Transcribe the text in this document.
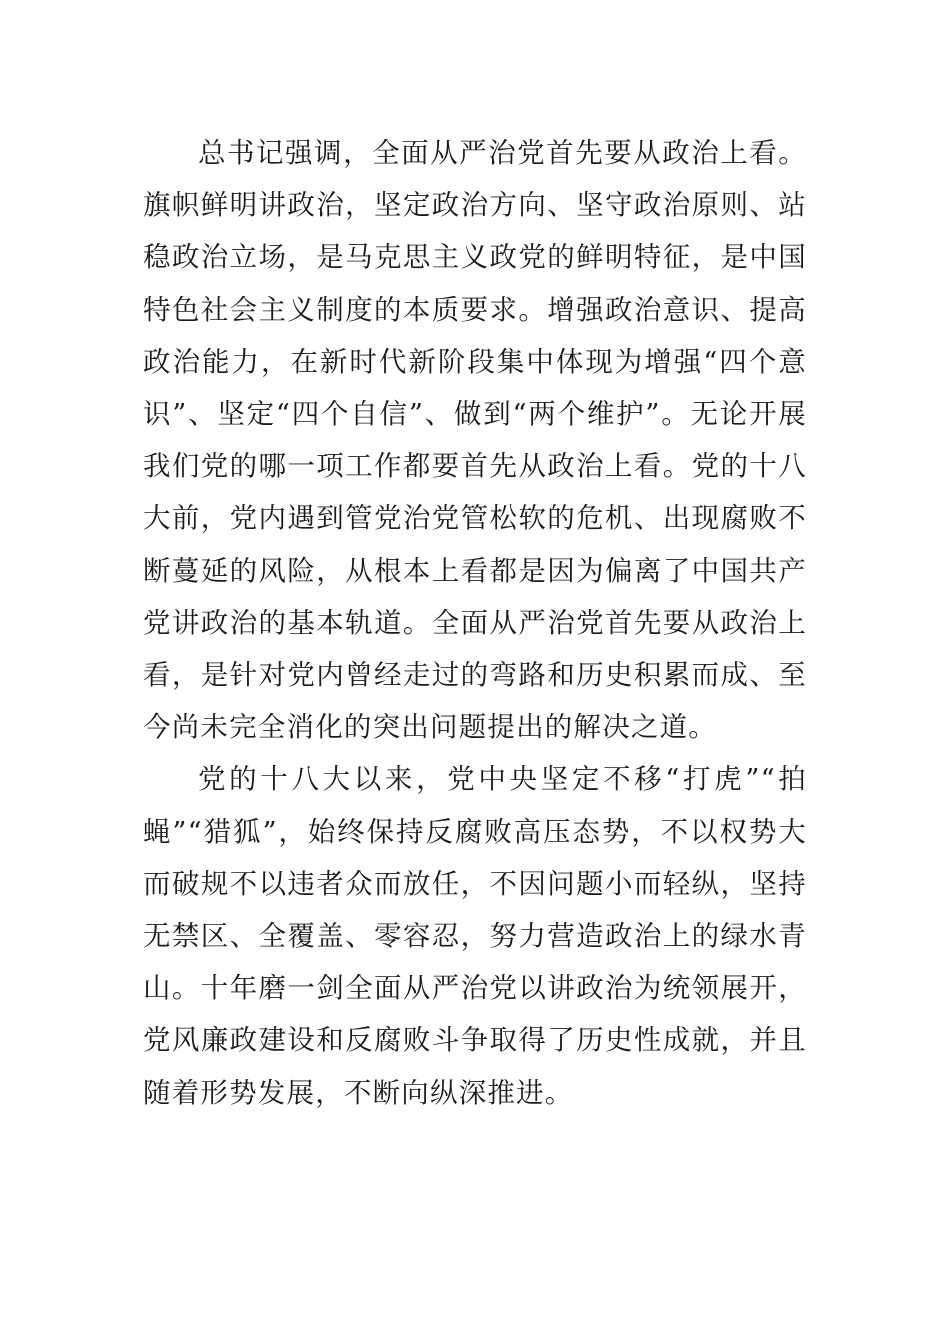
总书记强调，全面从严治党首先要从政治上看。旗帜鲜明讲政治，坚定政治方向、坚守政治原则、站稳政治立场，是马克思主义政党的鲜明特征，是中国特色社会主义制度的本质要求。增强政治意识、提高政治能力，在新时代新阶段集中体现为增强“四个意识”、坚定“四个自信”、做到“两个维护”。无论开展我们党的哪一项工作都要首先从政治上看。党的十八大前，党内遇到管党治党管松软的危机、出现腐败不断蔓延的风险，从根本上看都是因为偏离了中国共产党讲政治的基本轨道。全面从严治党首先要从政治上看，是针对党内曾经走过的弯路和历史积累而成、至今尚未完全消化的突出问题提出的解决之道。

党的十八大以来，党中央坚定不移“打虎”“拍蝇”“猎狐”，始终保持反腐败高压态势，不以权势大而破规不以违者众而放任，不因问题小而轻纵，坚持无禁区、全覆盖、零容忍，努力营造政治上的绿水青山。十年磨一剑全面从严治党以讲政治为统领展开，党风廉政建设和反腐败斗争取得了历史性成就，并且随着形势发展，不断向纵深推进。
